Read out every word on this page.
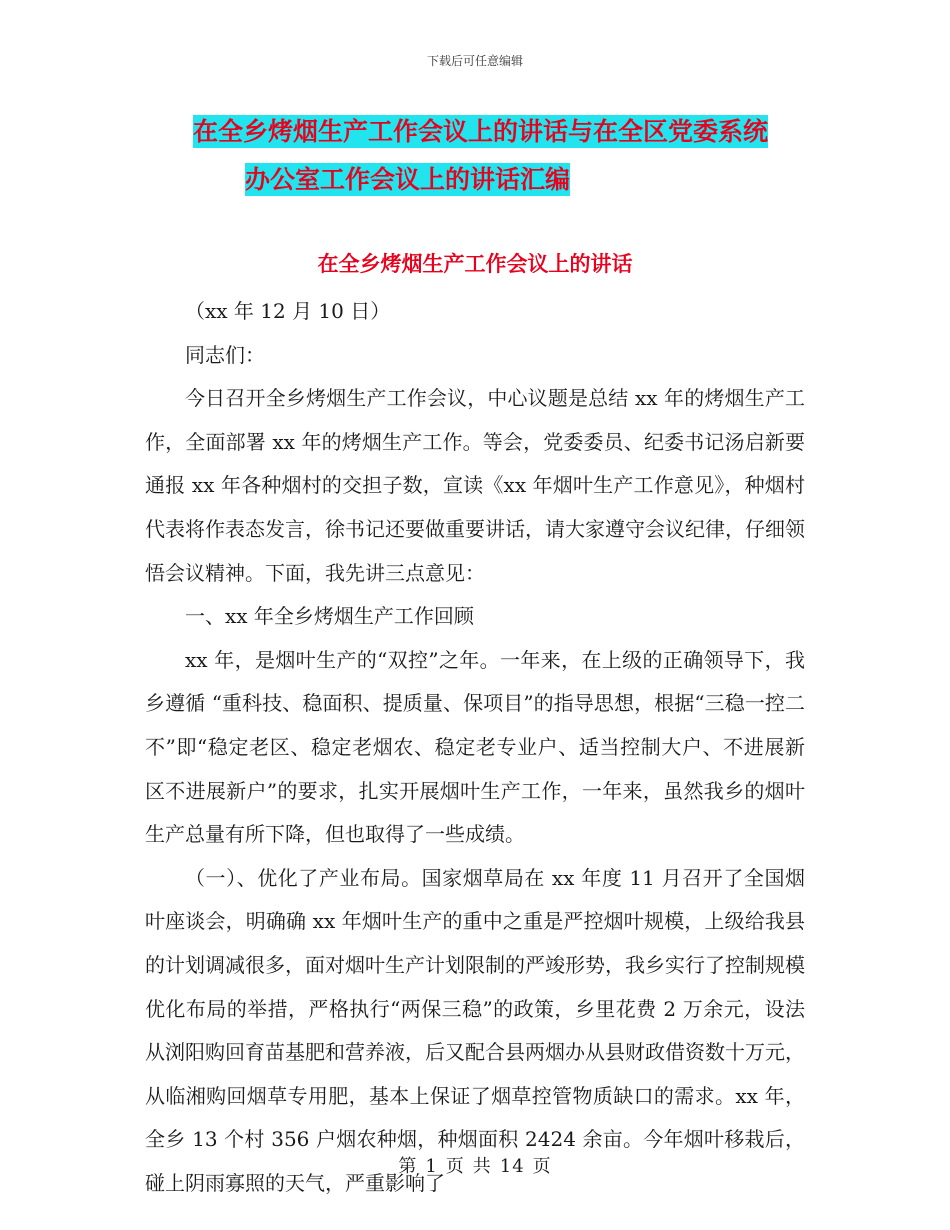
下载后可任意编辑
在全乡烤烟生产工作会议上的讲话与在全区党委系统
办公室工作会议上的讲话汇编
在全乡烤烟生产工作会议上的讲话

（xx 年 12 月 10 日）

同志们：

今日召开全乡烤烟生产工作会议，中心议题是总结 xx 年的烤烟生产工作，全面部署 xx 年的烤烟生产工作。等会，党委委员、纪委书记汤启新要通报 xx 年各种烟村的交担子数，宣读《xx 年烟叶生产工作意见》，种烟村代表将作表态发言，徐书记还要做重要讲话，请大家遵守会议纪律，仔细领悟会议精神。下面，我先讲三点意见：

一、xx 年全乡烤烟生产工作回顾

xx 年，是烟叶生产的“双控”之年。一年来，在上级的正确领导下，我乡遵循 “重科技、稳面积、提质量、保项目”的指导思想，根据“三稳一控二不”即“稳定老区、稳定老烟农、稳定老专业户、适当控制大户、不进展新区不进展新户”的要求，扎实开展烟叶生产工作，一年来，虽然我乡的烟叶生产总量有所下降，但也取得了一些成绩。

（一）、优化了产业布局。国家烟草局在 xx 年度 11 月召开了全国烟叶座谈会，明确确 xx 年烟叶生产的重中之重是严控烟叶规模，上级给我县的计划调减很多，面对烟叶生产计划限制的严竣形势，我乡实行了控制规模优化布局的举措，严格执行“两保三稳”的政策，乡里花费 2 万余元，设法从浏阳购回育苗基肥和营养液，后又配合县两烟办从县财政借资数十万元，从临湘购回烟草专用肥，基本上保证了烟草控管物质缺口的需求。xx 年，全乡 13 个村 356 户烟农种烟，种烟面积 2424 余亩。今年烟叶移栽后，碰上阴雨寡照的天气，严重影响了

第 1 页 共 14 页
